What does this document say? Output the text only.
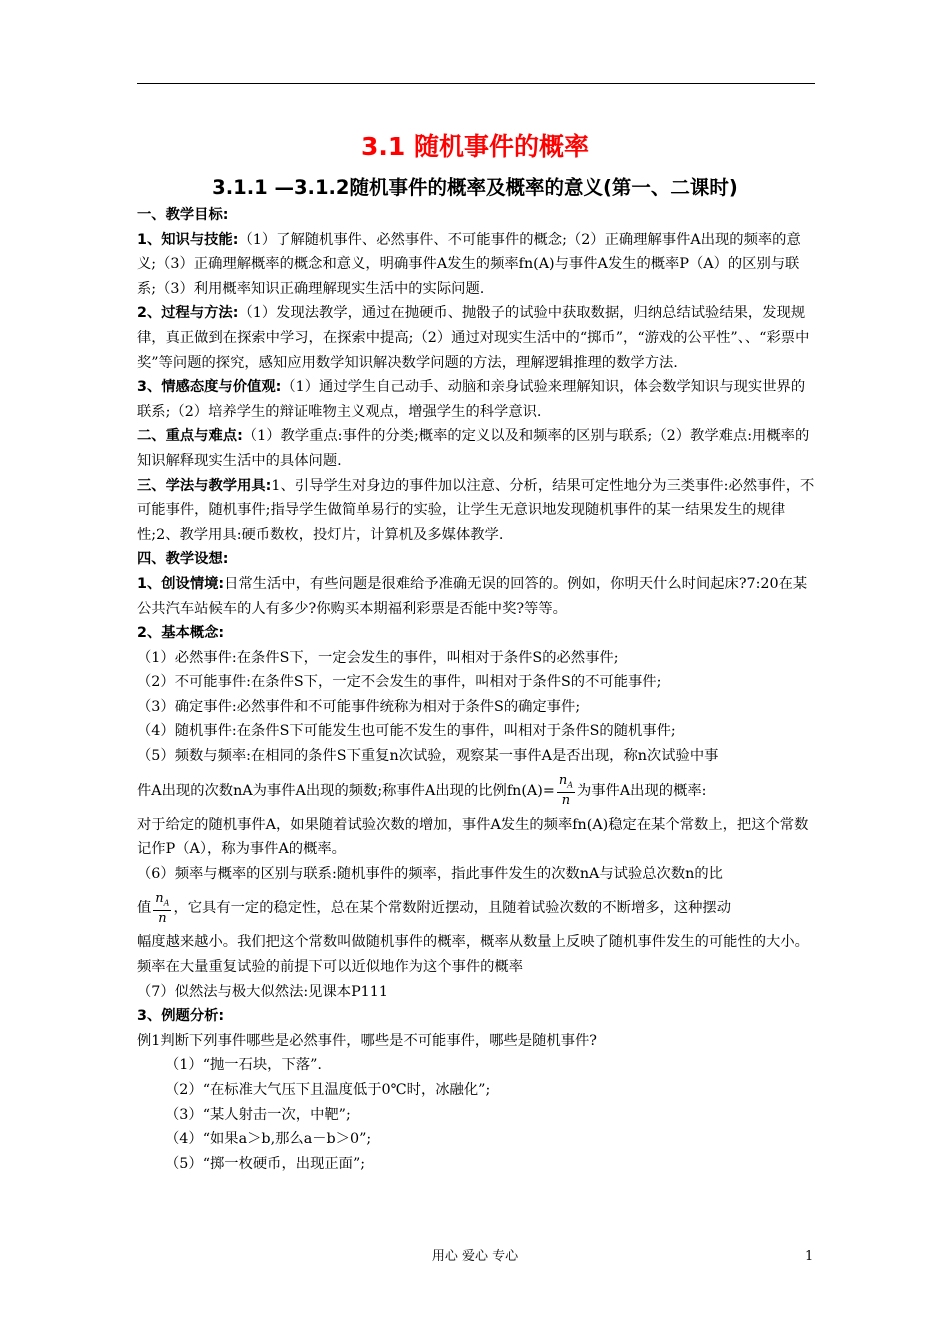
3.1 随机事件的概率
3.1.1 —3.1.2随机事件的概率及概率的意义(第一、二课时)

一、教学目标:

1、知识与技能:（1）了解随机事件、必然事件、不可能事件的概念;（2）正确理解事件A出现的频率的意义;（3）正确理解概率的概念和意义，明确事件A发生的频率fn(A)与事件A发生的概率P（A）的区别与联系;（3）利用概率知识正确理解现实生活中的实际问题.

2、过程与方法:（1）发现法教学，通过在抛硬币、抛骰子的试验中获取数据，归纳总结试验结果，发现规律，真正做到在探索中学习，在探索中提高;（2）通过对现实生活中的“掷币”，“游戏的公平性”、、“彩票中奖”等问题的探究，感知应用数学知识解决数学问题的方法，理解逻辑推理的数学方法.

3、情感态度与价值观:（1）通过学生自己动手、动脑和亲身试验来理解知识，体会数学知识与现实世界的联系;（2）培养学生的辩证唯物主义观点，增强学生的科学意识.

二、重点与难点:（1）教学重点:事件的分类;概率的定义以及和频率的区别与联系;（2）教学难点:用概率的知识解释现实生活中的具体问题.

三、学法与教学用具:1、引导学生对身边的事件加以注意、分析，结果可定性地分为三类事件:必然事件，不可能事件，随机事件;指导学生做简单易行的实验，让学生无意识地发现随机事件的某一结果发生的规律性;2、教学用具:硬币数枚，投灯片，计算机及多媒体教学.

四、教学设想:

1、创设情境:日常生活中，有些问题是很难给予准确无误的回答的。例如，你明天什么时间起床?7:20在某公共汽车站候车的人有多少?你购买本期福利彩票是否能中奖?等等。

2、基本概念:

（1）必然事件:在条件S下，一定会发生的事件，叫相对于条件S的必然事件;

（2）不可能事件:在条件S下，一定不会发生的事件，叫相对于条件S的不可能事件;

（3）确定事件:必然事件和不可能事件统称为相对于条件S的确定事件;

（4）随机事件:在条件S下可能发生也可能不发生的事件，叫相对于条件S的随机事件;

（5）频数与频率:在相同的条件S下重复n次试验，观察某一事件A是否出现，称n次试验中事

件A出现的次数nA为事件A出现的频数;称事件A出现的比例$fn(A)= \frac{n_A}{n}$ 为事件A出现的概率:

对于给定的随机事件A，如果随着试验次数的增加，事件A发生的频率fn(A)稳定在某个常数上，把这个常数记作P（A），称为事件A的概率。

（6）频率与概率的区别与联系:随机事件的频率，指此事件发生的次数nA与试验总次数n的比

值 $\frac{n_A}{n}$ ，它具有一定的稳定性，总在某个常数附近摆动，且随着试验次数的不断增多，这种摆动

幅度越来越小。我们把这个常数叫做随机事件的概率，概率从数量上反映了随机事件发生的可能性的大小。频率在大量重复试验的前提下可以近似地作为这个事件的概率

（7）似然法与极大似然法:见课本P111

3、例题分析:

例1判断下列事件哪些是必然事件，哪些是不可能事件，哪些是随机事件?

（1）“抛一石块，下落”.

（2）“在标准大气压下且温度低于0℃时，冰融化”;

（3）“某人射击一次，中靶”;

（4）“如果a＞b,那么a－b＞0”;

（5）“掷一枚硬币，出现正面”;

用心 爱心 专心	1
